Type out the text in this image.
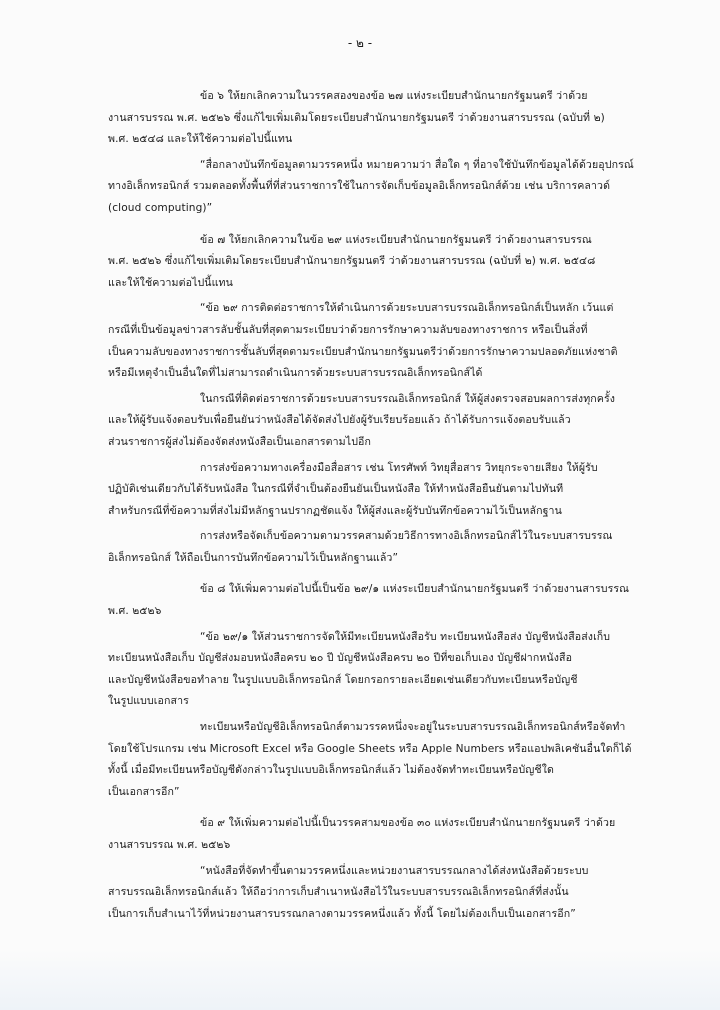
- ๒ -

ข้อ ๖ ให้ยกเลิกความในวรรคสองของข้อ ๒๗ แห่งระเบียบสำนักนายกรัฐมนตรี ว่าด้วย
งานสารบรรณ พ.ศ. ๒๕๒๖ ซึ่งแก้ไขเพิ่มเติมโดยระเบียบสำนักนายกรัฐมนตรี ว่าด้วยงานสารบรรณ (ฉบับที่ ๒)
พ.ศ. ๒๕๔๘ และให้ใช้ความต่อไปนี้แทน

“สื่อกลางบันทึกข้อมูลตามวรรคหนึ่ง หมายความว่า สื่อใด ๆ ที่อาจใช้บันทึกข้อมูลได้ด้วยอุปกรณ์
ทางอิเล็กทรอนิกส์ รวมตลอดทั้งพื้นที่ที่ส่วนราชการใช้ในการจัดเก็บข้อมูลอิเล็กทรอนิกส์ด้วย เช่น บริการคลาวด์
(cloud computing)”

ข้อ ๗ ให้ยกเลิกความในข้อ ๒๙ แห่งระเบียบสำนักนายกรัฐมนตรี ว่าด้วยงานสารบรรณ
พ.ศ. ๒๕๒๖ ซึ่งแก้ไขเพิ่มเติมโดยระเบียบสำนักนายกรัฐมนตรี ว่าด้วยงานสารบรรณ (ฉบับที่ ๒) พ.ศ. ๒๕๔๘
และให้ใช้ความต่อไปนี้แทน

“ข้อ ๒๙ การติดต่อราชการให้ดำเนินการด้วยระบบสารบรรณอิเล็กทรอนิกส์เป็นหลัก เว้นแต่
กรณีที่เป็นข้อมูลข่าวสารลับชั้นลับที่สุดตามระเบียบว่าด้วยการรักษาความลับของทางราชการ หรือเป็นสิ่งที่
เป็นความลับของทางราชการชั้นลับที่สุดตามระเบียบสำนักนายกรัฐมนตรีว่าด้วยการรักษาความปลอดภัยแห่งชาติ
หรือมีเหตุจำเป็นอื่นใดที่ไม่สามารถดำเนินการด้วยระบบสารบรรณอิเล็กทรอนิกส์ได้

ในกรณีที่ติดต่อราชการด้วยระบบสารบรรณอิเล็กทรอนิกส์ ให้ผู้ส่งตรวจสอบผลการส่งทุกครั้ง
และให้ผู้รับแจ้งตอบรับเพื่อยืนยันว่าหนังสือได้จัดส่งไปยังผู้รับเรียบร้อยแล้ว ถ้าได้รับการแจ้งตอบรับแล้ว
ส่วนราชการผู้ส่งไม่ต้องจัดส่งหนังสือเป็นเอกสารตามไปอีก

การส่งข้อความทางเครื่องมือสื่อสาร เช่น โทรศัพท์ วิทยุสื่อสาร วิทยุกระจายเสียง ให้ผู้รับ
ปฏิบัติเช่นเดียวกับได้รับหนังสือ ในกรณีที่จำเป็นต้องยืนยันเป็นหนังสือ ให้ทำหนังสือยืนยันตามไปทันที
สำหรับกรณีที่ข้อความที่ส่งไม่มีหลักฐานปรากฏชัดแจ้ง ให้ผู้ส่งและผู้รับบันทึกข้อความไว้เป็นหลักฐาน

การส่งหรือจัดเก็บข้อความตามวรรคสามด้วยวิธีการทางอิเล็กทรอนิกส์ไว้ในระบบสารบรรณ
อิเล็กทรอนิกส์ ให้ถือเป็นการบันทึกข้อความไว้เป็นหลักฐานแล้ว”

ข้อ ๘ ให้เพิ่มความต่อไปนี้เป็นข้อ ๒๙/๑ แห่งระเบียบสำนักนายกรัฐมนตรี ว่าด้วยงานสารบรรณ
พ.ศ. ๒๕๒๖

“ข้อ ๒๙/๑ ให้ส่วนราชการจัดให้มีทะเบียนหนังสือรับ ทะเบียนหนังสือส่ง บัญชีหนังสือส่งเก็บ
ทะเบียนหนังสือเก็บ บัญชีส่งมอบหนังสือครบ ๒๐ ปี บัญชีหนังสือครบ ๒๐ ปีที่ขอเก็บเอง บัญชีฝากหนังสือ
และบัญชีหนังสือขอทำลาย ในรูปแบบอิเล็กทรอนิกส์ โดยกรอกรายละเอียดเช่นเดียวกับทะเบียนหรือบัญชี
ในรูปแบบเอกสาร

ทะเบียนหรือบัญชีอิเล็กทรอนิกส์ตามวรรคหนึ่งจะอยู่ในระบบสารบรรณอิเล็กทรอนิกส์หรือจัดทำ
โดยใช้โปรแกรม เช่น Microsoft Excel หรือ Google Sheets หรือ Apple Numbers หรือแอปพลิเคชันอื่นใดก็ได้
ทั้งนี้ เมื่อมีทะเบียนหรือบัญชีดังกล่าวในรูปแบบอิเล็กทรอนิกส์แล้ว ไม่ต้องจัดทำทะเบียนหรือบัญชีใด
เป็นเอกสารอีก”

ข้อ ๙ ให้เพิ่มความต่อไปนี้เป็นวรรคสามของข้อ ๓๐ แห่งระเบียบสำนักนายกรัฐมนตรี ว่าด้วย
งานสารบรรณ พ.ศ. ๒๕๒๖

“หนังสือที่จัดทำขึ้นตามวรรคหนึ่งและหน่วยงานสารบรรณกลางได้ส่งหนังสือด้วยระบบ
สารบรรณอิเล็กทรอนิกส์แล้ว ให้ถือว่าการเก็บสำเนาหนังสือไว้ในระบบสารบรรณอิเล็กทรอนิกส์ที่ส่งนั้น
เป็นการเก็บสำเนาไว้ที่หน่วยงานสารบรรณกลางตามวรรคหนึ่งแล้ว ทั้งนี้ โดยไม่ต้องเก็บเป็นเอกสารอีก”
